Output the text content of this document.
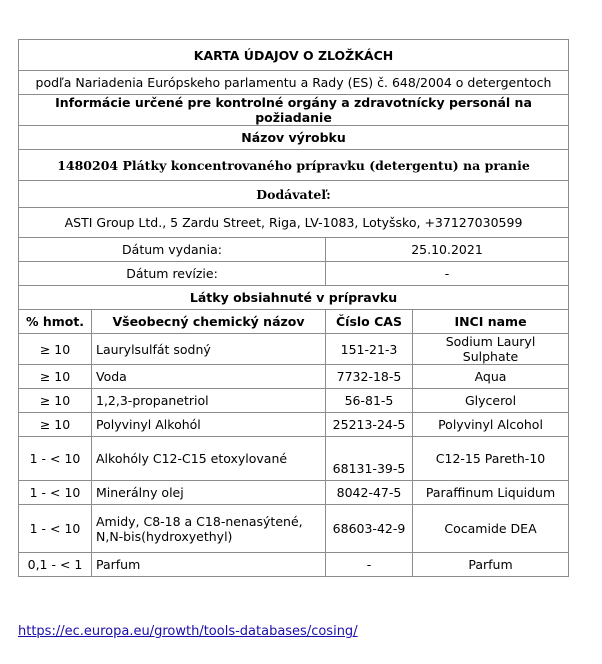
KARTA ÚDAJOV O ZLOŽKÁCH			
podľa Nariadenia Európskeho parlamentu a Rady (ES) č. 648/2004 o detergentoch			
Informácie určené pre kontrolné orgány a zdravotnícky personál na požiadanie			
Názov výrobku			
1480204 Plátky koncentrovaného prípravku (detergentu) na pranie			
Dodávateľ:			
ASTI Group Ltd., 5 Zardu Street, Riga, LV-1083, Lotyšsko, +37127030599			
Dátum vydania:		25.10.2021	
Dátum revízie:		-	
Látky obsiahnuté v prípravku			
% hmot.	Všeobecný chemický názov	Číslo CAS	INCI name
≥ 10	Laurylsulfát sodný	151-21-3	Sodium Lauryl Sulphate
≥ 10	Voda	7732-18-5	Aqua
≥ 10	1,2,3-propanetriol	56-81-5	Glycerol
≥ 10	Polyvinyl Alkohól	25213-24-5	Polyvinyl Alcohol
1 - < 10	Alkohóly C12-C15 etoxylované	68131-39-5	C12-15 Pareth-10
1 - < 10	Minerálny olej	8042-47-5	Paraffinum Liquidum
1 - < 10	Amidy, C8-18 a C18-nenasýtené, N,N-bis(hydroxyethyl)	68603-42-9	Cocamide DEA
0,1 - < 1	Parfum	-	Parfum
https://ec.europa.eu/growth/tools-databases/cosing/
